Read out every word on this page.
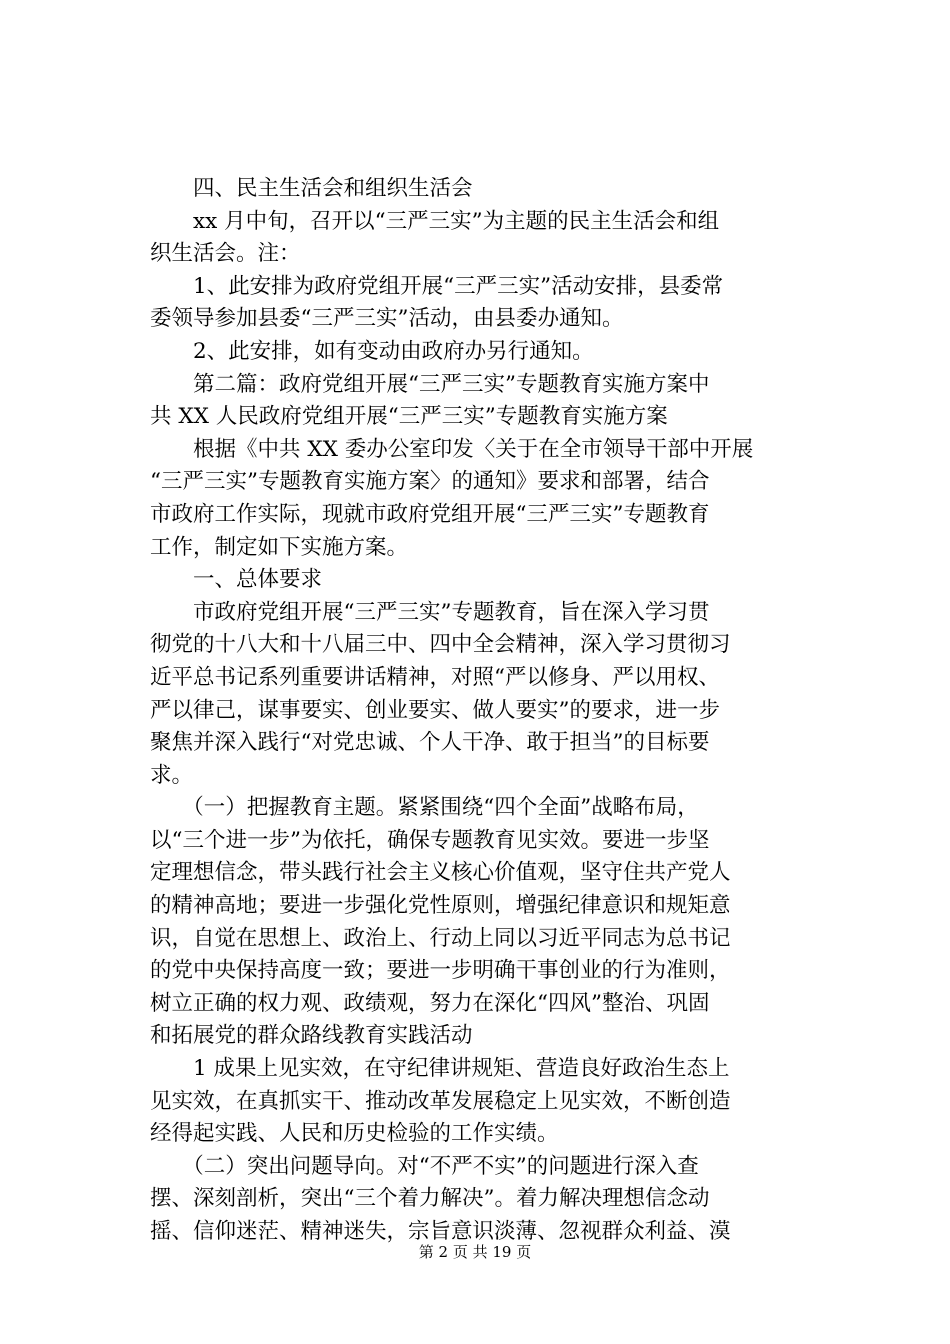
　　四、民主生活会和组织生活会
　　xx 月中旬，召开以“三严三实”为主题的民主生活会和组
织生活会。注：
　　1、此安排为政府党组开展“三严三实”活动安排，县委常
委领导参加县委“三严三实”活动，由县委办通知。
　　2、此安排，如有变动由政府办另行通知。
　　第二篇：政府党组开展“三严三实”专题教育实施方案中
共 XX 人民政府党组开展“三严三实”专题教育实施方案
　　根据《中共 XX 委办公室印发〈关于在全市领导干部中开展
“三严三实”专题教育实施方案〉的通知》要求和部署，结合
市政府工作实际，现就市政府党组开展“三严三实”专题教育
工作，制定如下实施方案。
　　一、总体要求
　　市政府党组开展“三严三实”专题教育，旨在深入学习贯
彻党的十八大和十八届三中、四中全会精神，深入学习贯彻习
近平总书记系列重要讲话精神，对照“严以修身、严以用权、
严以律己，谋事要实、创业要实、做人要实”的要求，进一步
聚焦并深入践行“对党忠诚、个人干净、敢于担当”的目标要
求。
　　（一）把握教育主题。紧紧围绕“四个全面”战略布局，
以“三个进一步”为依托，确保专题教育见实效。要进一步坚
定理想信念，带头践行社会主义核心价值观，坚守住共产党人
的精神高地；要进一步强化党性原则，增强纪律意识和规矩意
识，自觉在思想上、政治上、行动上同以习近平同志为总书记
的党中央保持高度一致；要进一步明确干事创业的行为准则，
树立正确的权力观、政绩观，努力在深化“四风”整治、巩固
和拓展党的群众路线教育实践活动
　　1 成果上见实效，在守纪律讲规矩、营造良好政治生态上
见实效，在真抓实干、推动改革发展稳定上见实效，不断创造
经得起实践、人民和历史检验的工作实绩。
　　（二）突出问题导向。对“不严不实”的问题进行深入查
摆、深刻剖析，突出“三个着力解决”。着力解决理想信念动
摇、信仰迷茫、精神迷失，宗旨意识淡薄、忽视群众利益、漠
第 2 页 共 19 页
